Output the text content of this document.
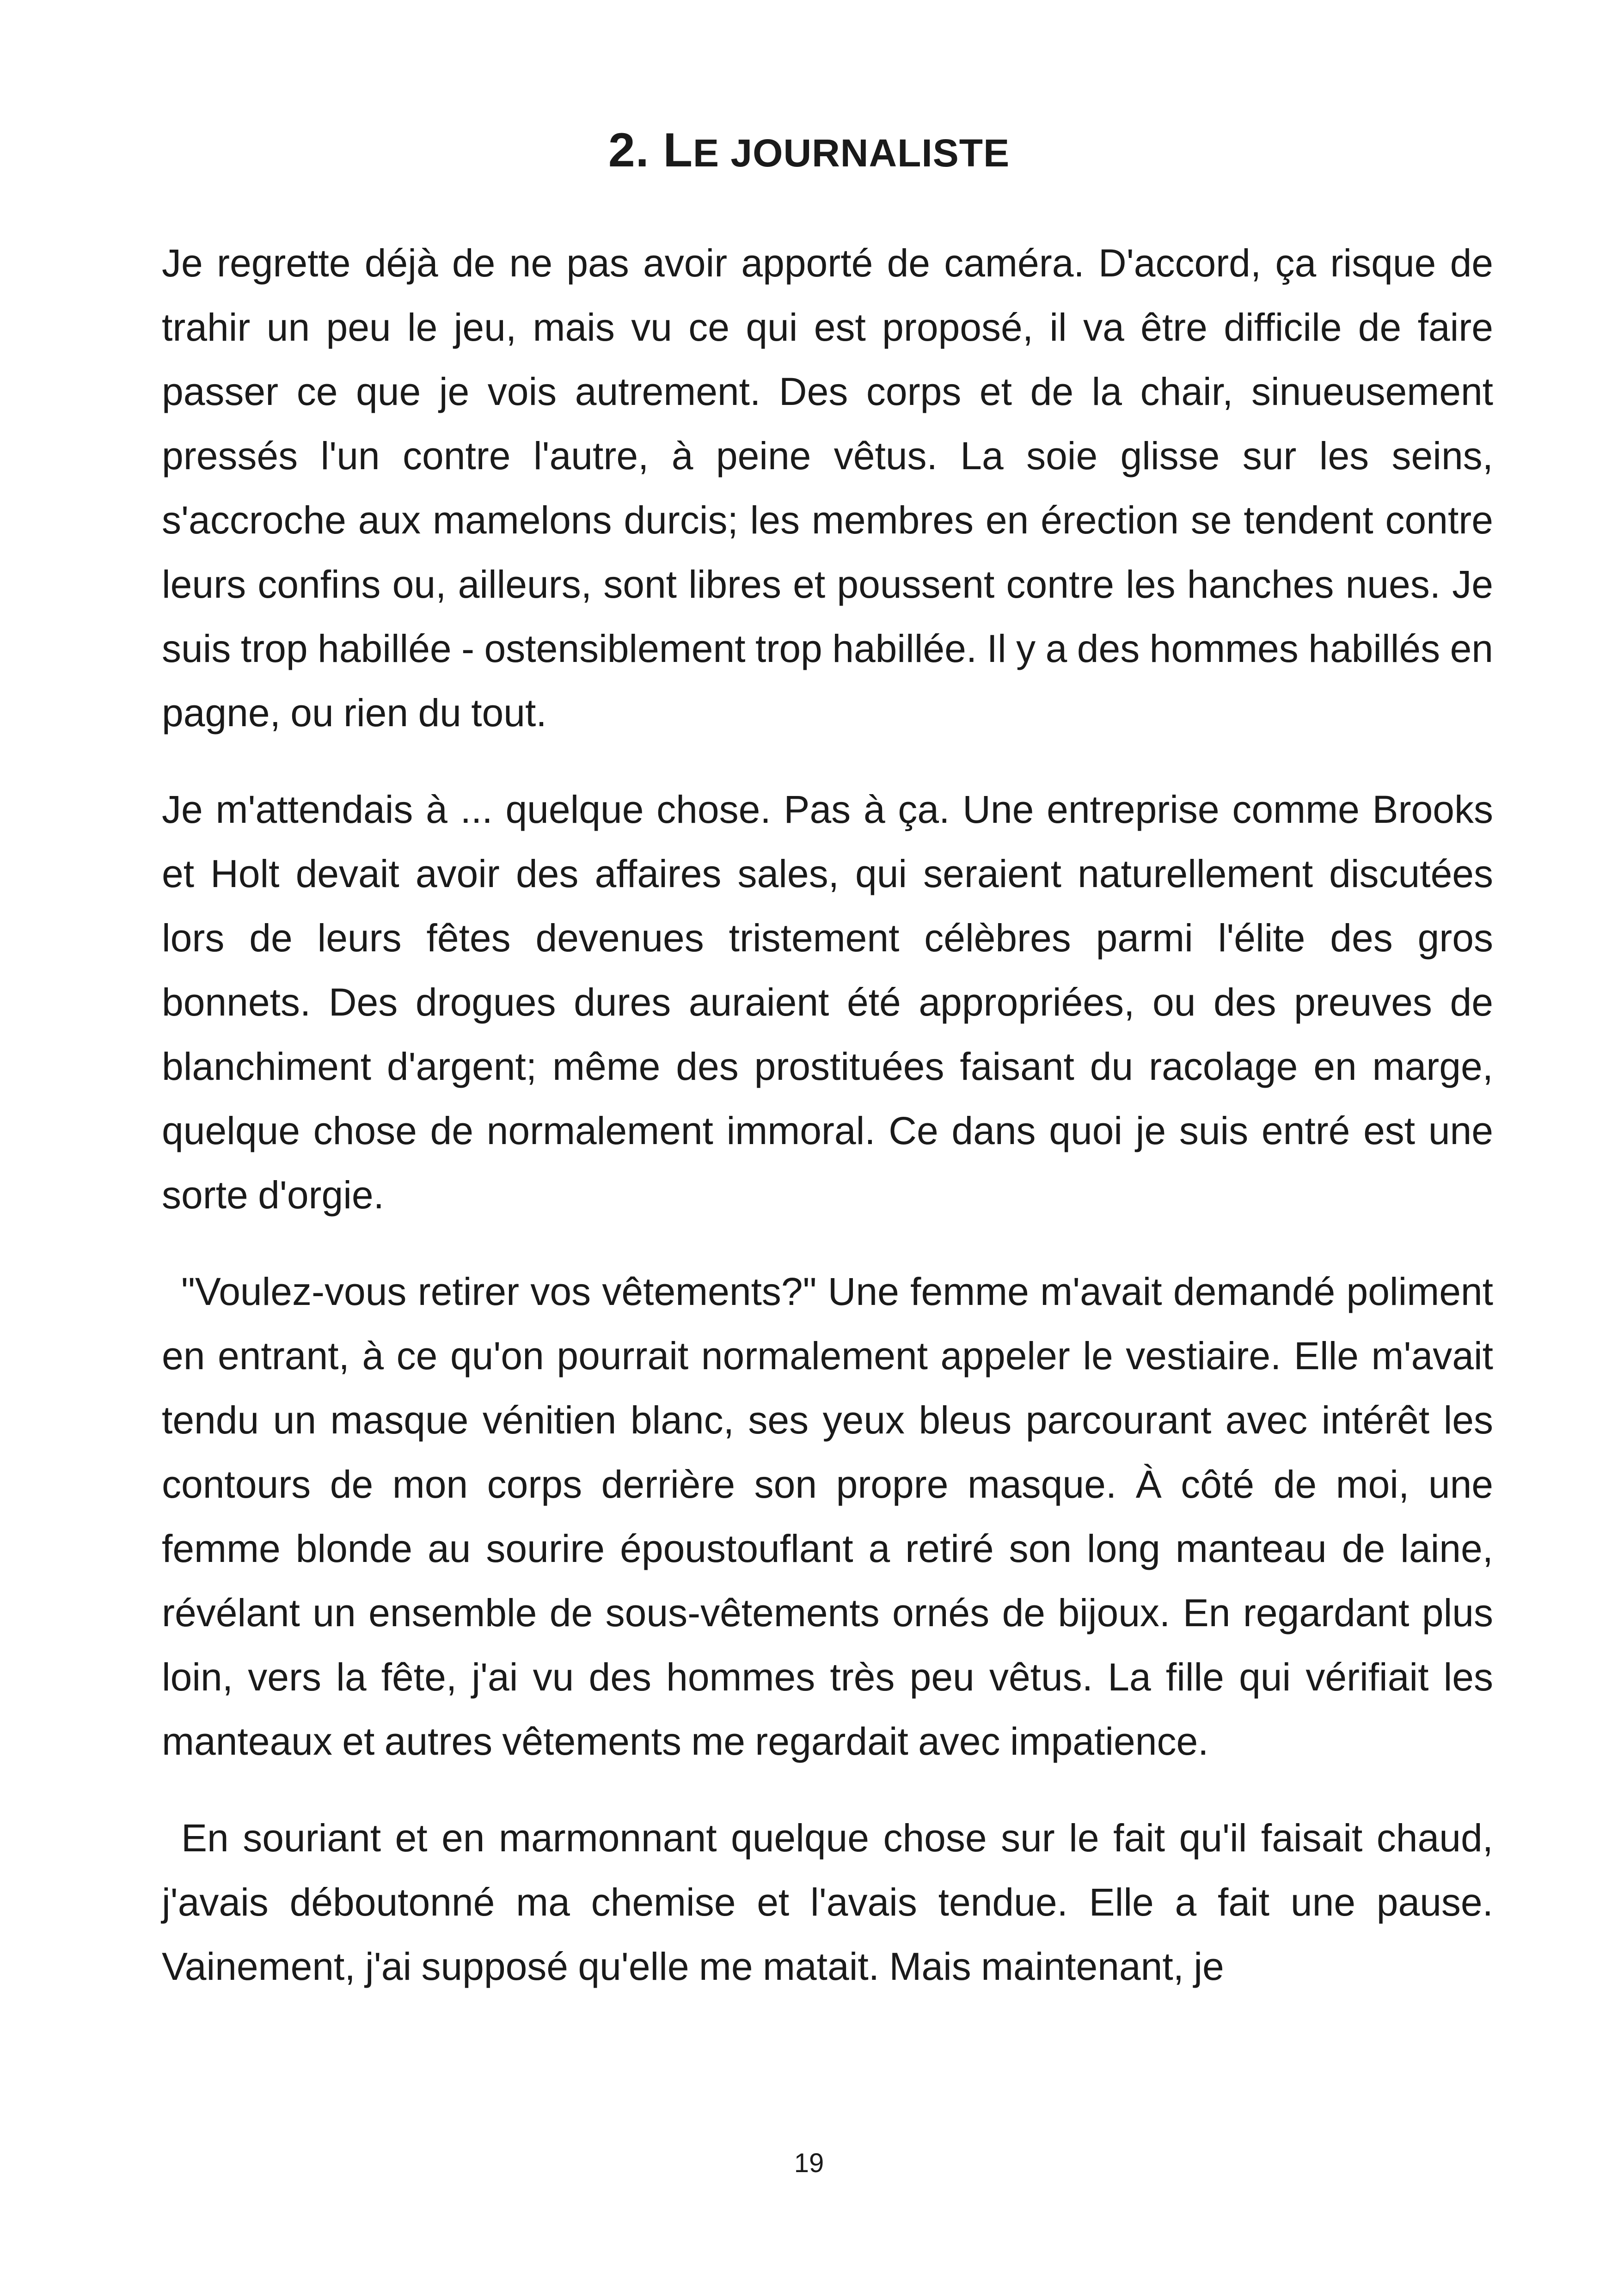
2. LE JOURNALISTE

Je regrette déjà de ne pas avoir apporté de caméra. D'accord, ça risque de trahir un peu le jeu, mais vu ce qui est proposé, il va être difficile de faire passer ce que je vois autrement. Des corps et de la chair, sinueusement pressés l'un contre l'autre, à peine vêtus. La soie glisse sur les seins, s'accroche aux mamelons durcis; les membres en érection se tendent contre leurs confins ou, ailleurs, sont libres et poussent contre les hanches nues. Je suis trop habillée - ostensiblement trop habillée. Il y a des hommes habillés en pagne, ou rien du tout.

Je m'attendais à ... quelque chose. Pas à ça. Une entreprise comme Brooks et Holt devait avoir des affaires sales, qui seraient naturellement discutées lors de leurs fêtes devenues tristement célèbres parmi l'élite des gros bonnets. Des drogues dures auraient été appropriées, ou des preuves de blanchiment d'argent; même des prostituées faisant du racolage en marge, quelque chose de normalement immoral. Ce dans quoi je suis entré est une sorte d'orgie.

"Voulez-vous retirer vos vêtements?" Une femme m'avait demandé poliment en entrant, à ce qu'on pourrait normalement appeler le vestiaire. Elle m'avait tendu un masque vénitien blanc, ses yeux bleus parcourant avec intérêt les contours de mon corps derrière son propre masque. À côté de moi, une femme blonde au sourire époustouflant a retiré son long manteau de laine, révélant un ensemble de sous-vêtements ornés de bijoux. En regardant plus loin, vers la fête, j'ai vu des hommes très peu vêtus. La fille qui vérifiait les manteaux et autres vêtements me regardait avec impatience.

En souriant et en marmonnant quelque chose sur le fait qu'il faisait chaud, j'avais déboutonné ma chemise et l'avais tendue. Elle a fait une pause. Vainement, j'ai supposé qu'elle me matait. Mais maintenant, je

19
